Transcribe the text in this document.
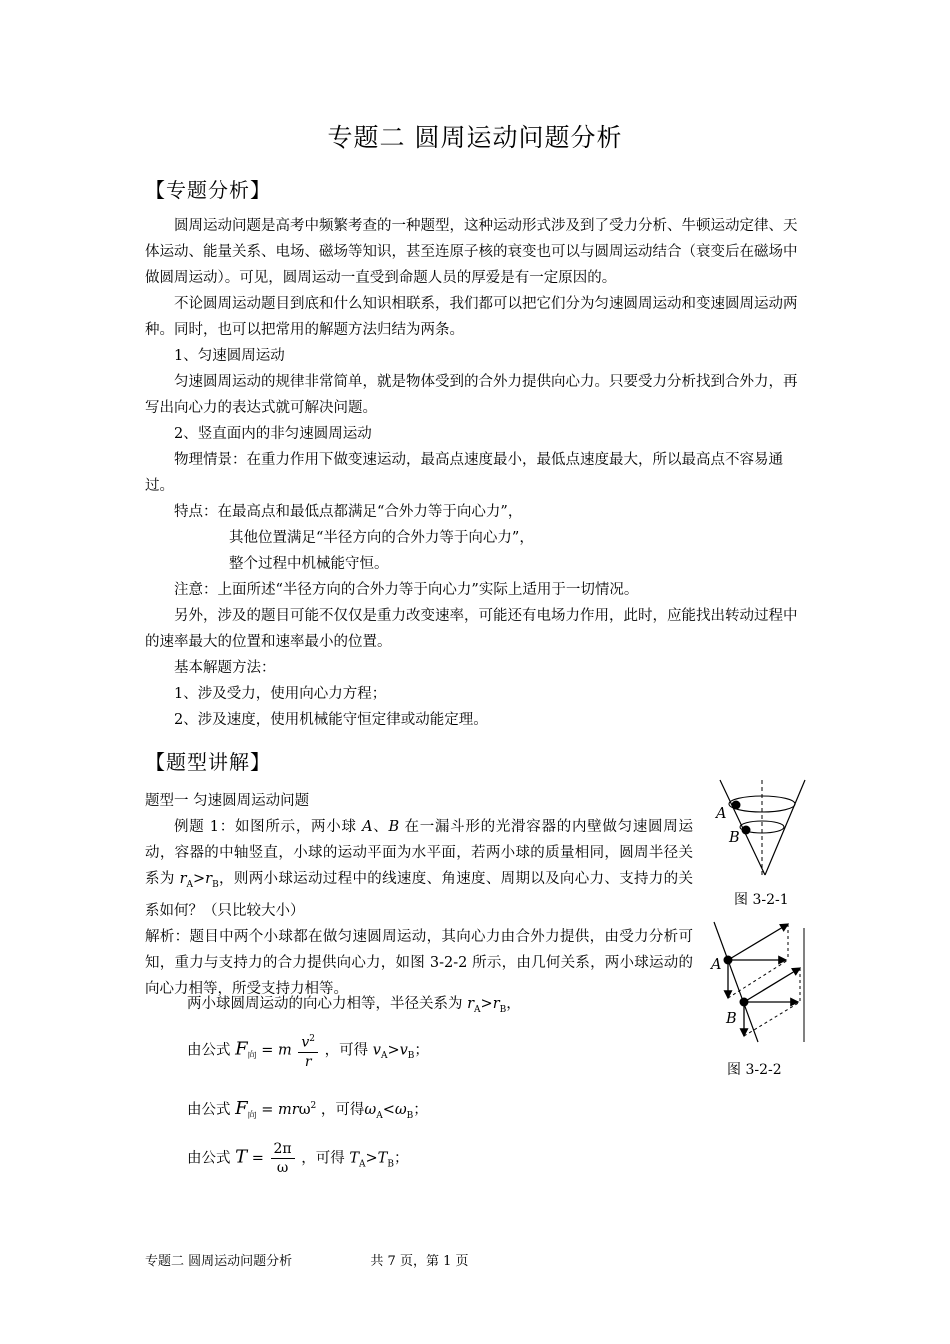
专题二 圆周运动问题分析
【专题分析】

圆周运动问题是高考中频繁考查的一种题型，这种运动形式涉及到了受力分析、牛顿运动定律、天体运动、能量关系、电场、磁场等知识，甚至连原子核的衰变也可以与圆周运动结合（衰变后在磁场中做圆周运动）。可见，圆周运动一直受到命题人员的厚爱是有一定原因的。

不论圆周运动题目到底和什么知识相联系，我们都可以把它们分为匀速圆周运动和变速圆周运动两种。同时，也可以把常用的解题方法归结为两条。

1、匀速圆周运动

匀速圆周运动的规律非常简单，就是物体受到的合外力提供向心力。只要受力分析找到合外力，再写出向心力的表达式就可解决问题。

2、竖直面内的非匀速圆周运动

物理情景：在重力作用下做变速运动，最高点速度最小，最低点速度最大，所以最高点不容易通过。

特点：在最高点和最低点都满足“合外力等于向心力”，

其他位置满足“半径方向的合外力等于向心力”，

整个过程中机械能守恒。

注意：上面所述“半径方向的合外力等于向心力”实际上适用于一切情况。

另外，涉及的题目可能不仅仅是重力改变速率，可能还有电场力作用，此时，应能找出转动过程中的速率最大的位置和速率最小的位置。

基本解题方法：

1、涉及受力，使用向心力方程；

2、涉及速度，使用机械能守恒定律或动能定理。

【题型讲解】

题型一 匀速圆周运动问题

例题 1：如图所示，两小球 A、B 在一漏斗形的光滑容器的内壁做匀速圆周运动，容器的中轴竖直，小球的运动平面为水平面，若两小球的质量相同，圆周半径关系为 $r_A>r_B$，则两小球运动过程中的线速度、角速度、周期以及向心力、支持力的关系如何？（只比较大小）

解析：题目中两个小球都在做匀速圆周运动，其向心力由合外力提供，由受力分析可知，重力与支持力的合力提供向心力，如图 3-2-2 所示，由几何关系，两小球运动的向心力相等，所受支持力相等。

两小球圆周运动的向心力相等，半径关系为 $r_A>r_B$，
由公式 $F_向 = m \frac{v^2}{r}$ ，可得 $v_A>v_B$；
由公式 $F_向 = mr\omega^2$ ，可得$\omega_A<\omega_B$；
由公式 $T = \frac{2\pi}{\omega}$ ，可得 $T_A>T_B$；
A
B
图 3-2-1
A
B
图 3-2-2
专题二 圆周运动问题分析	共 7 页，第 1 页
